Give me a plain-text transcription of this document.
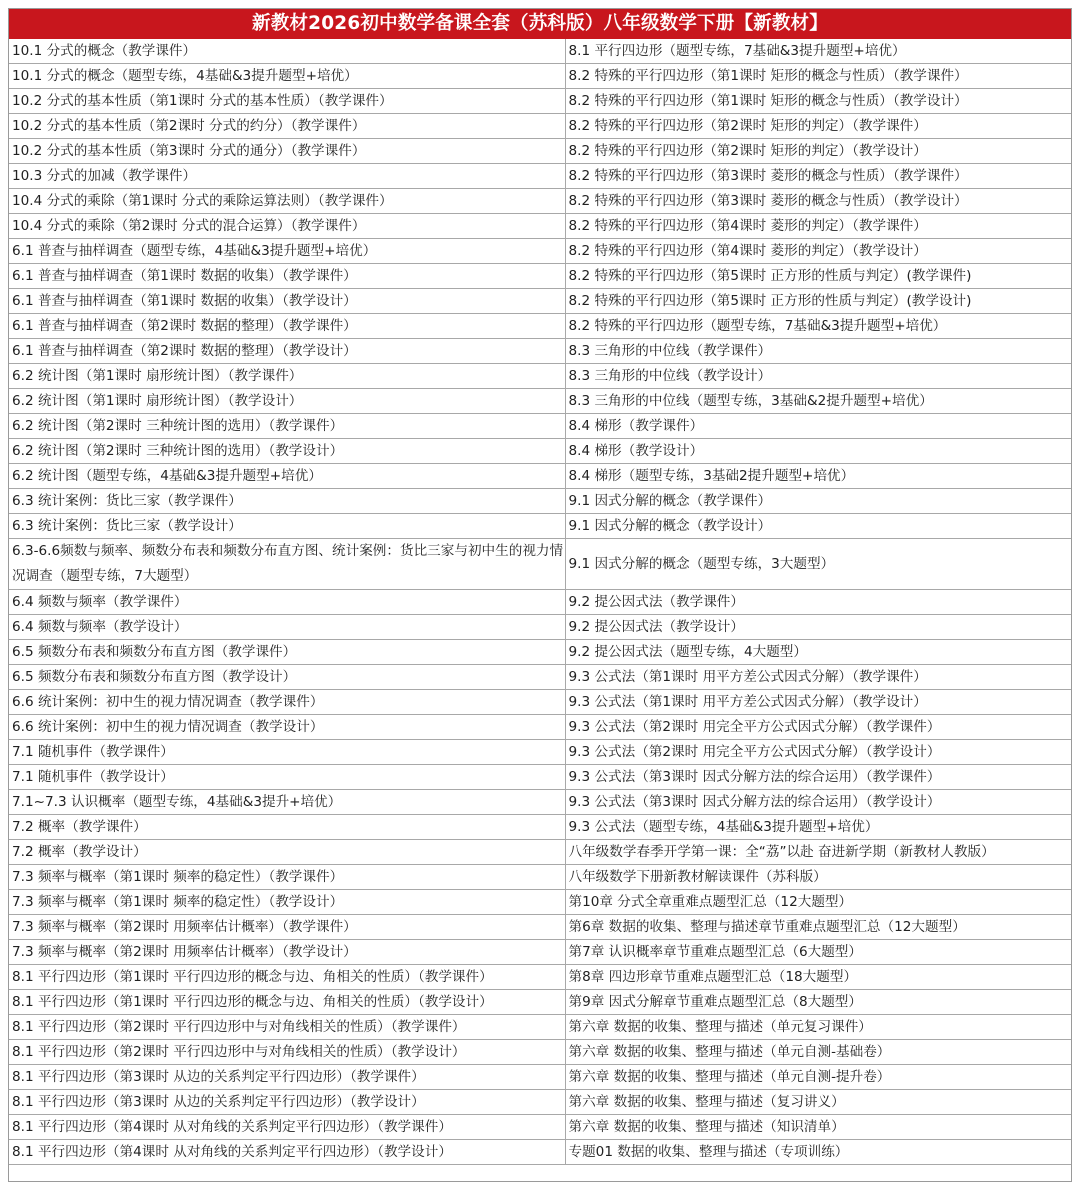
新教材2026初中数学备课全套（苏科版）八年级数学下册【新教材】
10.1 分式的概念（教学课件）	8.1 平行四边形（题型专练，7基础&3提升题型+培优）
10.1 分式的概念（题型专练，4基础&3提升题型+培优）	8.2 特殊的平行四边形（第1课时 矩形的概念与性质）（教学课件）
10.2 分式的基本性质（第1课时 分式的基本性质）（教学课件）	8.2 特殊的平行四边形（第1课时 矩形的概念与性质）（教学设计）
10.2 分式的基本性质（第2课时 分式的约分）（教学课件）	8.2 特殊的平行四边形（第2课时 矩形的判定）（教学课件）
10.2 分式的基本性质（第3课时 分式的通分）（教学课件）	8.2 特殊的平行四边形（第2课时 矩形的判定）（教学设计）
10.3 分式的加减（教学课件）	8.2 特殊的平行四边形（第3课时 菱形的概念与性质）（教学课件）
10.4 分式的乘除（第1课时 分式的乘除运算法则）（教学课件）	8.2 特殊的平行四边形（第3课时 菱形的概念与性质）（教学设计）
10.4 分式的乘除（第2课时 分式的混合运算）（教学课件）	8.2 特殊的平行四边形（第4课时 菱形的判定）（教学课件）
6.1 普查与抽样调查（题型专练，4基础&3提升题型+培优）	8.2 特殊的平行四边形（第4课时 菱形的判定）（教学设计）
6.1 普查与抽样调查（第1课时 数据的收集）（教学课件）	8.2 特殊的平行四边形（第5课时 正方形的性质与判定）(教学课件)
6.1 普查与抽样调查（第1课时 数据的收集）（教学设计）	8.2 特殊的平行四边形（第5课时 正方形的性质与判定）(教学设计)
6.1 普查与抽样调查（第2课时 数据的整理）（教学课件）	8.2 特殊的平行四边形（题型专练，7基础&3提升题型+培优）
6.1 普查与抽样调查（第2课时 数据的整理）（教学设计）	8.3 三角形的中位线（教学课件）
6.2 统计图（第1课时 扇形统计图）（教学课件）	8.3 三角形的中位线（教学设计）
6.2 统计图（第1课时 扇形统计图）（教学设计）	8.3 三角形的中位线（题型专练，3基础&2提升题型+培优）
6.2 统计图（第2课时 三种统计图的选用）（教学课件）	8.4 梯形（教学课件）
6.2 统计图（第2课时 三种统计图的选用）（教学设计）	8.4 梯形（教学设计）
6.2 统计图（题型专练，4基础&3提升题型+培优）	8.4 梯形（题型专练，3基础2提升题型+培优）
6.3 统计案例：货比三家（教学课件）	9.1 因式分解的概念（教学课件）
6.3 统计案例：货比三家（教学设计）	9.1 因式分解的概念（教学设计）
6.3-6.6频数与频率、频数分布表和频数分布直方图、统计案例：货比三家与初中生的视力情况调查（题型专练，7大题型）	9.1 因式分解的概念（题型专练，3大题型）
6.4 频数与频率（教学课件）	9.2 提公因式法（教学课件）
6.4 频数与频率（教学设计）	9.2 提公因式法（教学设计）
6.5 频数分布表和频数分布直方图（教学课件）	9.2 提公因式法（题型专练，4大题型）
6.5 频数分布表和频数分布直方图（教学设计）	9.3 公式法（第1课时 用平方差公式因式分解）（教学课件）
6.6 统计案例：初中生的视力情况调查（教学课件）	9.3 公式法（第1课时 用平方差公式因式分解）（教学设计）
6.6 统计案例：初中生的视力情况调查（教学设计）	9.3 公式法（第2课时 用完全平方公式因式分解）（教学课件）
7.1 随机事件（教学课件）	9.3 公式法（第2课时 用完全平方公式因式分解）（教学设计）
7.1 随机事件（教学设计）	9.3 公式法（第3课时 因式分解方法的综合运用）（教学课件）
7.1~7.3 认识概率（题型专练，4基础&3提升+培优）	9.3 公式法（第3课时 因式分解方法的综合运用）（教学设计）
7.2 概率（教学课件）	9.3 公式法（题型专练，4基础&3提升题型+培优）
7.2 概率（教学设计）	八年级数学春季开学第一课：全“荔”以赴 奋进新学期（新教材人教版）
7.3 频率与概率（第1课时 频率的稳定性）（教学课件）	八年级数学下册新教材解读课件（苏科版）
7.3 频率与概率（第1课时 频率的稳定性）（教学设计）	第10章 分式全章重难点题型汇总（12大题型）
7.3 频率与概率（第2课时 用频率估计概率）（教学课件）	第6章 数据的收集、整理与描述章节重难点题型汇总（12大题型）
7.3 频率与概率（第2课时 用频率估计概率）（教学设计）	第7章 认识概率章节重难点题型汇总（6大题型）
8.1 平行四边形（第1课时 平行四边形的概念与边、角相关的性质）（教学课件）	第8章 四边形章节重难点题型汇总（18大题型）
8.1 平行四边形（第1课时 平行四边形的概念与边、角相关的性质）（教学设计）	第9章 因式分解章节重难点题型汇总（8大题型）
8.1 平行四边形（第2课时 平行四边形中与对角线相关的性质）（教学课件）	第六章 数据的收集、整理与描述（单元复习课件）
8.1 平行四边形（第2课时 平行四边形中与对角线相关的性质）（教学设计）	第六章 数据的收集、整理与描述（单元自测-基础卷）
8.1 平行四边形（第3课时 从边的关系判定平行四边形）（教学课件）	第六章 数据的收集、整理与描述（单元自测-提升卷）
8.1 平行四边形（第3课时 从边的关系判定平行四边形）（教学设计）	第六章 数据的收集、整理与描述（复习讲义）
8.1 平行四边形（第4课时 从对角线的关系判定平行四边形）（教学课件）	第六章 数据的收集、整理与描述（知识清单）
8.1 平行四边形（第4课时 从对角线的关系判定平行四边形）（教学设计）	专题01 数据的收集、整理与描述（专项训练）
